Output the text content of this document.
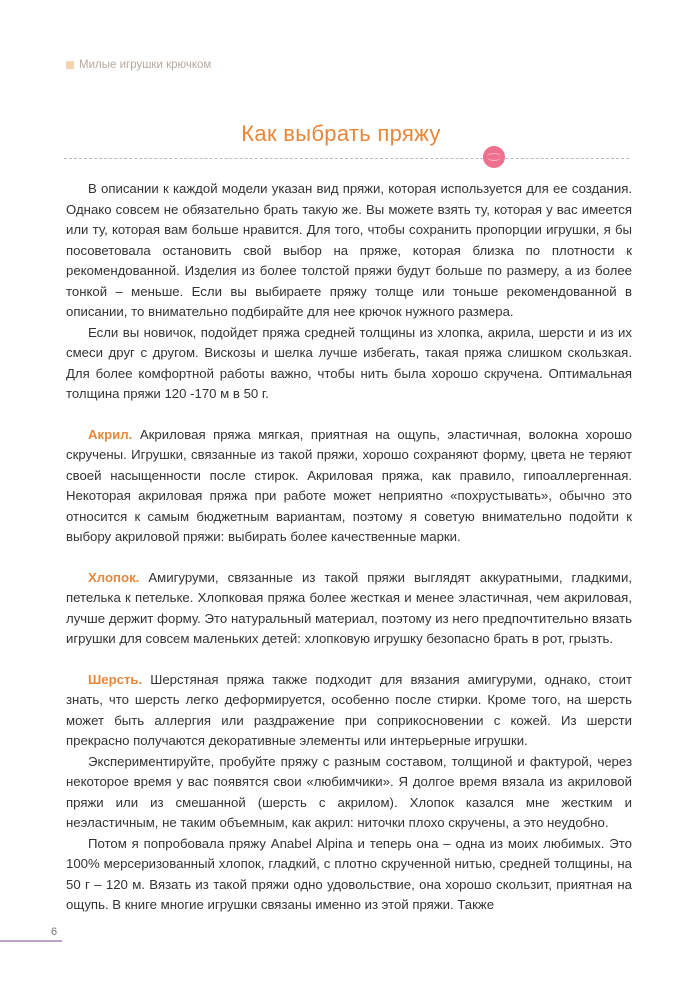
Милые игрушки крючком
Как выбрать пряжу

В описании к каждой модели указан вид пряжи, которая используется для ее создания. Однако совсем не обязательно брать такую же. Вы можете взять ту, которая у вас имеется или ту, которая вам больше нравится. Для того, чтобы сохранить пропорции игрушки, я бы посоветовала остановить свой выбор на пряже, которая близка по плотности к рекомендованной. Изделия из более толстой пряжи будут больше по размеру, а из более тонкой – меньше. Если вы выбираете пряжу толще или тоньше рекомендованной в описании, то внимательно подбирайте для нее крючок нужного размера.

Если вы новичок, подойдет пряжа средней толщины из хлопка, акрила, шерсти и из их смеси друг с другом. Вискозы и шелка лучше избегать, такая пряжа слишком скользкая. Для более комфортной работы важно, чтобы нить была хорошо скручена. Оптимальная толщина пряжи 120 -170 м в 50 г.

Акрил. Акриловая пряжа мягкая, приятная на ощупь, эластичная, волокна хорошо скручены. Игрушки, связанные из такой пряжи, хорошо сохраняют форму, цвета не теряют своей насыщенности после стирок. Акриловая пряжа, как правило, гипоаллергенная. Некоторая акриловая пряжа при работе может неприятно «похрустывать», обычно это относится к самым бюджетным вариантам, поэтому я советую внимательно подойти к выбору акриловой пряжи: выбирать более качественные марки.

Хлопок. Амигуруми, связанные из такой пряжи выглядят аккуратными, гладкими, петелька к петельке. Хлопковая пряжа более жесткая и менее эластичная, чем акриловая, лучше держит форму. Это натуральный материал, поэтому из него предпочтительно вязать игрушки для совсем маленьких детей: хлопковую игрушку безопасно брать в рот, грызть.

Шерсть. Шерстяная пряжа также подходит для вязания амигуруми, однако, стоит знать, что шерсть легко деформируется, особенно после стирки. Кроме того, на шерсть может быть аллергия или раздражение при соприкосновении с кожей. Из шерсти прекрасно получаются декоративные элементы или интерьерные игрушки.

Экспериментируйте, пробуйте пряжу с разным составом, толщиной и фактурой, через некоторое время у вас появятся свои «любимчики». Я долгое время вязала из акриловой пряжи или из смешанной (шерсть с акрилом). Хлопок казался мне жестким и неэластичным, не таким объемным, как акрил: ниточки плохо скручены, а это неудобно.

Потом я попробовала пряжу Anabel Alpina и теперь она – одна из моих любимых. Это 100% мерсеризованный хлопок, гладкий, с плотно скрученной нитью, средней толщины, на 50 г – 120 м. Вязать из такой пряжи одно удовольствие, она хорошо скользит, приятная на ощупь. В книге многие игрушки связаны именно из этой пряжи. Также

6
